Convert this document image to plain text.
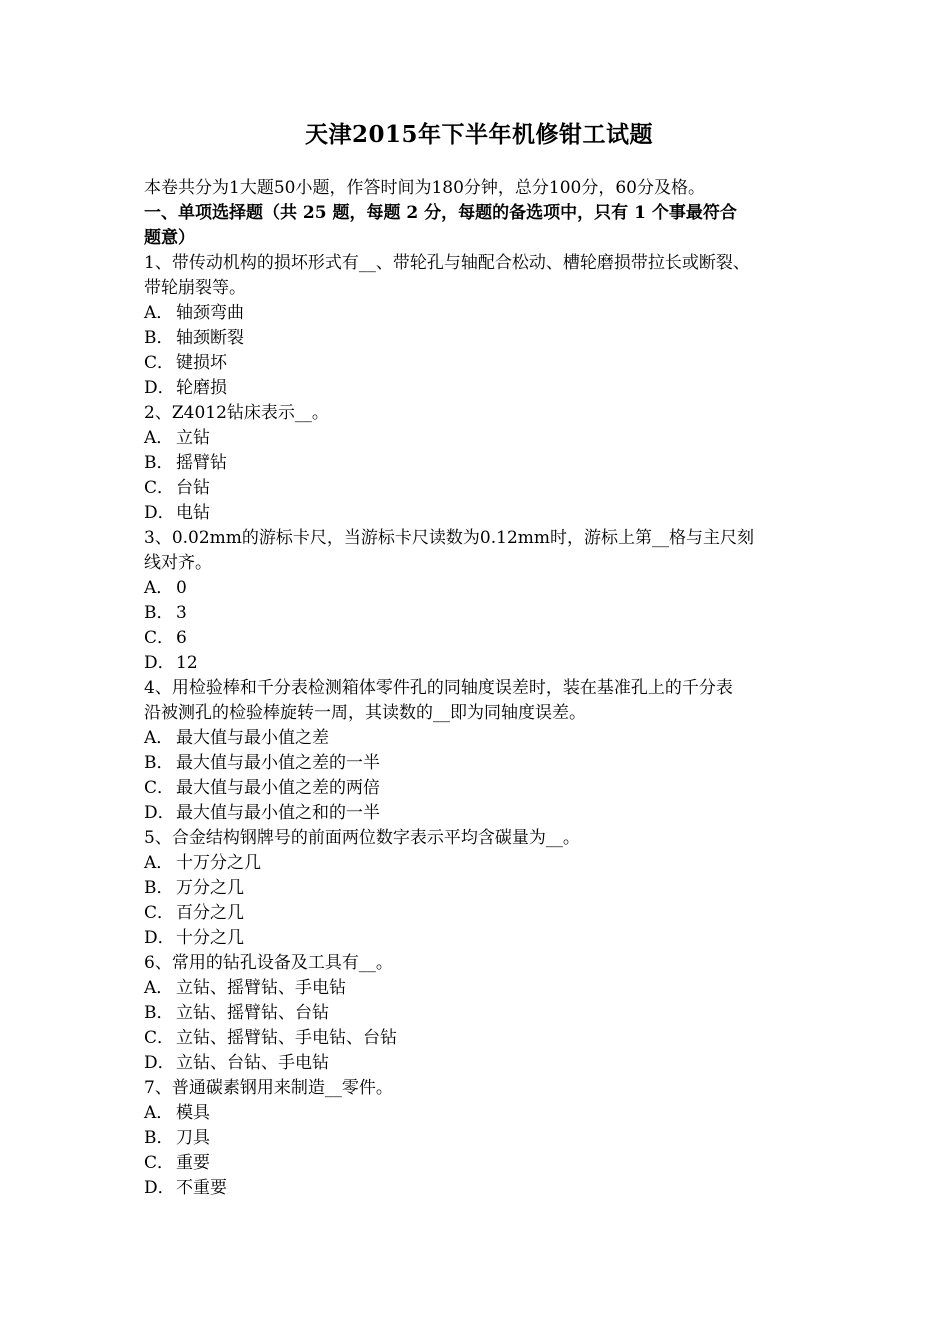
天津2015年下半年机修钳工试题
本卷共分为1大题50小题，作答时间为180分钟，总分100分，60分及格。
一、单项选择题（共 25 题，每题 2 分，每题的备选项中，只有 1 个事最符合
题意）
1、带传动机构的损坏形式有__、带轮孔与轴配合松动、槽轮磨损带拉长或断裂、
带轮崩裂等。
A． 轴颈弯曲
B． 轴颈断裂
C． 键损坏
D．轮磨损
2、Z4012钻床表示__。
A． 立钻
B． 摇臂钻
C． 台钻
D．电钻
3、0.02mm的游标卡尺，当游标卡尺读数为0.12mm时，游标上第__格与主尺刻
线对齐。
A． 0
B． 3
C． 6
D．12
4、用检验棒和千分表检测箱体零件孔的同轴度误差时，装在基准孔上的千分表
沿被测孔的检验棒旋转一周，其读数的__即为同轴度误差。
A． 最大值与最小值之差
B． 最大值与最小值之差的一半
C． 最大值与最小值之差的两倍
D．最大值与最小值之和的一半
5、合金结构钢牌号的前面两位数字表示平均含碳量为__。
A． 十万分之几
B． 万分之几
C． 百分之几
D．十分之几
6、常用的钻孔设备及工具有__。
A． 立钻、摇臂钻、手电钻
B． 立钻、摇臂钻、台钻
C． 立钻、摇臂钻、手电钻、台钻
D．立钻、台钻、手电钻
7、普通碳素钢用来制造__零件。
A． 模具
B． 刀具
C． 重要
D．不重要
